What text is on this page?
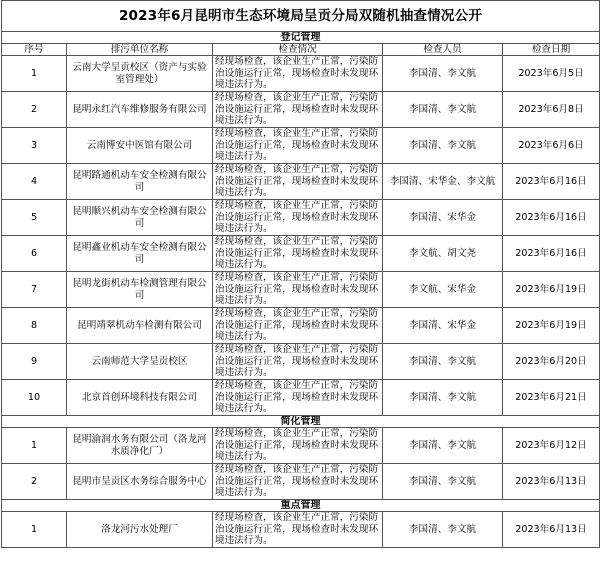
2023年6月昆明市生态环境局呈贡分局双随机抽查情况公开				
登记管理				
序号	排污单位名称	检查情况	检查人员	检查日期
1	云南大学呈贡校区（资产与实验室管理处）	经现场检查，该企业生产正常，污染防治设施运行正常，现场检查时未发现环境违法行为。	李国清、李文航	2023年6月5日
2	昆明永红汽车维修服务有限公司	经现场检查，该企业生产正常，污染防治设施运行正常，现场检查时未发现环境违法行为。	李国清、李文航	2023年6月8日
3	云南博安中医馆有限公司	经现场检查，该企业生产正常，污染防治设施运行正常，现场检查时未发现环境违法行为。	李国清、李文航	2023年6月6日
4	昆明路通机动车安全检测有限公司	经现场检查，该企业生产正常，污染防治设施运行正常，现场检查时未发现环境违法行为。	李国清、宋华金、李文航	2023年6月16日
5	昆明顺兴机动车安全检测有限公司	经现场检查，该企业生产正常，污染防治设施运行正常，现场检查时未发现环境违法行为。	李国清、宋华金	2023年6月16日
6	昆明鑫业机动车安全检测有限公司	经现场检查，该企业生产正常，污染防治设施运行正常，现场检查时未发现环境违法行为。	李文航、胡文尧	2023年6月16日
7	昆明龙街机动车检测管理有限公司	经现场检查，该企业生产正常，污染防治设施运行正常，现场检查时未发现环境违法行为。	李文航、宋华金	2023年6月19日
8	昆明靖翠机动车检测有限公司	经现场检查，该企业生产正常，污染防治设施运行正常，现场检查时未发现环境违法行为。	李国清、宋华金	2023年6月19日
9	云南师范大学呈贡校区	经现场检查，该企业生产正常，污染防治设施运行正常，现场检查时未发现环境违法行为。	李国清、李文航	2023年6月20日
10	北京首创环境科技有限公司	经现场检查，该企业生产正常，污染防治设施运行正常，现场检查时未发现环境违法行为。	李国清、李文航	2023年6月21日
简化管理				
1	昆明渝润水务有限公司（洛龙河水质净化厂）	经现场检查，该企业生产正常，污染防治设施运行正常，现场检查时未发现环境违法行为。	李国清、李文航	2023年6月12日
2	昆明市呈贡区水务综合服务中心	经现场检查，该企业生产正常，污染防治设施运行正常，现场检查时未发现环境违法行为。	李国清、李文航	2023年6月13日
重点管理				
1	洛龙河污水处理厂	经现场检查，该企业生产正常，污染防治设施运行正常，现场检查时未发现环境违法行为。	李国清、李文航	2023年6月13日
